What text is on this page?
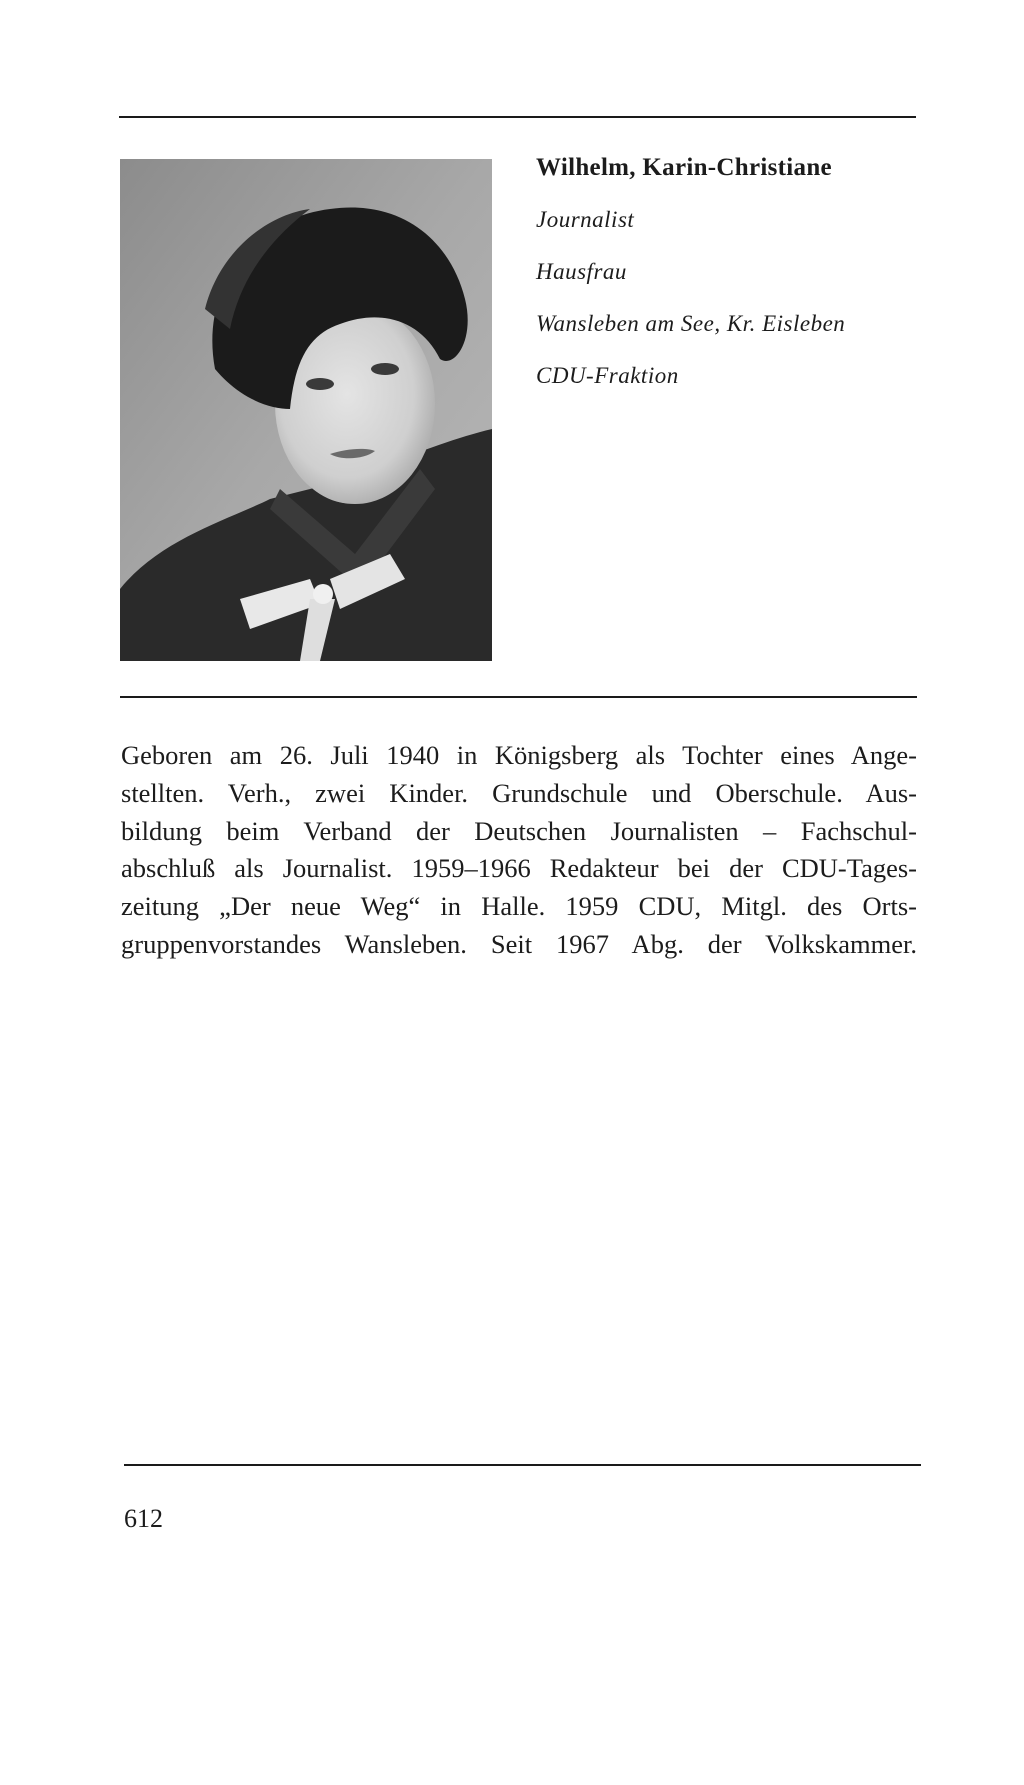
Wilhelm, Karin-Christiane
Journalist
Hausfrau
Wansleben am See, Kr. Eisleben
CDU-Fraktion
Geboren am 26. Juli 1940 in Königsberg als Tochter eines Ange-
stellten. Verh., zwei Kinder. Grundschule und Oberschule. Aus-
bildung beim Verband der Deutschen Journalisten – Fachschul-
abschluß als Journalist. 1959–1966 Redakteur bei der CDU-Tages-
zeitung „Der neue Weg“ in Halle. 1959 CDU, Mitgl. des Orts-
gruppenvorstandes Wansleben. Seit 1967 Abg. der Volkskammer.
612
